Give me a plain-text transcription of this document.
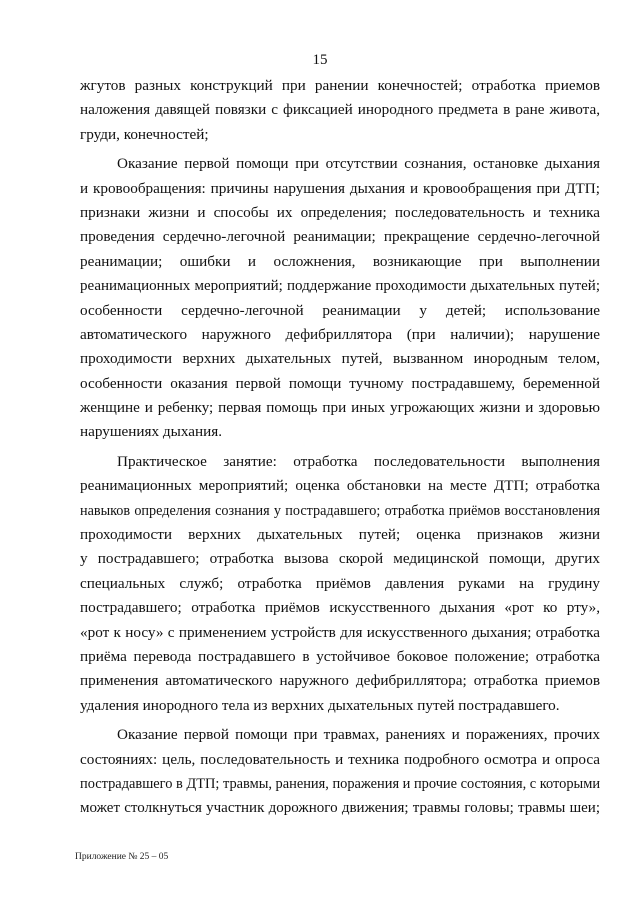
15
жгутов разных конструкций при ранении конечностей; отработка приемов
наложения давящей повязки с фиксацией инородного предмета в ране живота,
груди, конечностей;
Оказание первой помощи при отсутствии сознания, остановке дыхания
и кровообращения: причины нарушения дыхания и кровообращения при ДТП;
признаки жизни и способы их определения; последовательность и техника
проведения сердечно-легочной реанимации; прекращение сердечно-легочной
реанимации; ошибки и осложнения, возникающие при выполнении
реанимационных мероприятий; поддержание проходимости дыхательных путей;
особенности сердечно-легочной реанимации у детей; использование
автоматического наружного дефибриллятора (при наличии); нарушение
проходимости верхних дыхательных путей, вызванном инородным телом,
особенности оказания первой помощи тучному пострадавшему, беременной
женщине и ребенку; первая помощь при иных угрожающих жизни и здоровью
нарушениях дыхания.
Практическое занятие: отработка последовательности выполнения
реанимационных мероприятий; оценка обстановки на месте ДТП; отработка
навыков определения сознания у пострадавшего; отработка приёмов восстановления
проходимости верхних дыхательных путей; оценка признаков жизни
у пострадавшего; отработка вызова скорой медицинской помощи, других
специальных служб; отработка приёмов давления руками на грудину
пострадавшего; отработка приёмов искусственного дыхания «рот ко рту»,
«рот к носу» с применением устройств для искусственного дыхания; отработка
приёма перевода пострадавшего в устойчивое боковое положение; отработка
применения автоматического наружного дефибриллятора; отработка приемов
удаления инородного тела из верхних дыхательных путей пострадавшего.
Оказание первой помощи при травмах, ранениях и поражениях, прочих
состояниях: цель, последовательность и техника подробного осмотра и опроса
пострадавшего в ДТП; травмы, ранения, поражения и прочие состояния, с которыми
может столкнуться участник дорожного движения; травмы головы; травмы шеи;
Приложение № 25 – 05
